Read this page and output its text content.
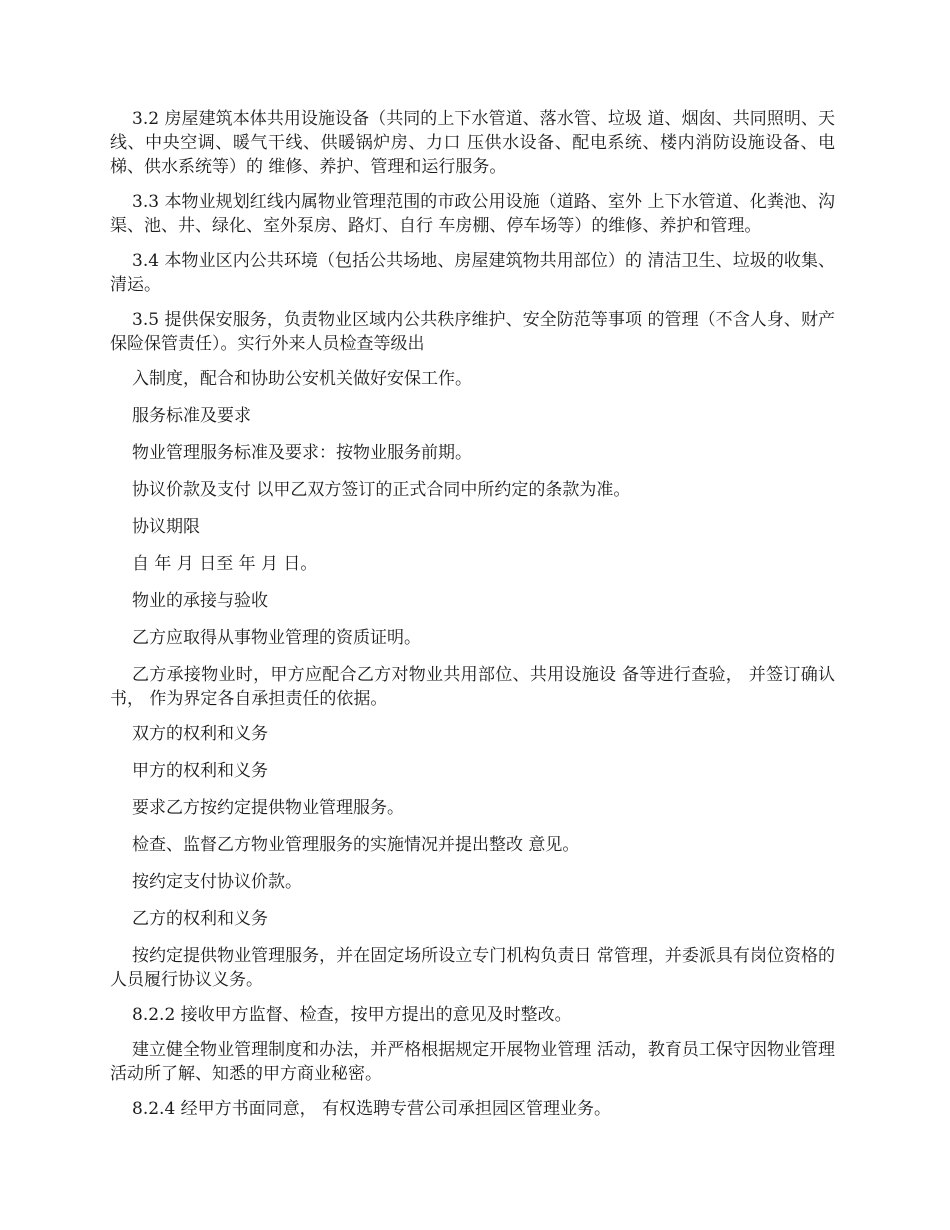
3.2 房屋建筑本体共用设施设备（共同的上下水管道、落水管、垃圾 道、烟囱、共同照明、天线、中央空调、暖气干线、供暖锅炉房、力口 压供水设备、配电系统、楼内消防设施设备、电梯、供水系统等）的 维修、养护、管理和运行服务。

3.3 本物业规划红线内属物业管理范围的市政公用设施（道路、室外 上下水管道、化粪池、沟渠、池、井、绿化、室外泵房、路灯、自行 车房棚、停车场等）的维修、养护和管理。

3.4 本物业区内公共环境（包括公共场地、房屋建筑物共用部位）的 清洁卫生、垃圾的收集、清运。

3.5 提供保安服务，负责物业区域内公共秩序维护、安全防范等事项 的管理（不含人身、财产保险保管责任）。实行外来人员检查等级出

入制度，配合和协助公安机关做好安保工作。

服务标准及要求

物业管理服务标准及要求：按物业服务前期。

协议价款及支付 以甲乙双方签订的正式合同中所约定的条款为准。

协议期限

自 年 月 日至 年 月 日。

物业的承接与验收

乙方应取得从事物业管理的资质证明。

乙方承接物业时，甲方应配合乙方对物业共用部位、共用设施设 备等进行查验， 并签订确认书， 作为界定各自承担责任的依据。

双方的权利和义务

甲方的权利和义务

要求乙方按约定提供物业管理服务。

检查、监督乙方物业管理服务的实施情况并提出整改 意见。

按约定支付协议价款。

乙方的权利和义务

按约定提供物业管理服务，并在固定场所设立专门机构负责日 常管理，并委派具有岗位资格的人员履行协议义务。

8.2.2 接收甲方监督、检查，按甲方提出的意见及时整改。

建立健全物业管理制度和办法，并严格根据规定开展物业管理 活动，教育员工保守因物业管理活动所了解、知悉的甲方商业秘密。

8.2.4 经甲方书面同意， 有权选聘专营公司承担园区管理业务。
